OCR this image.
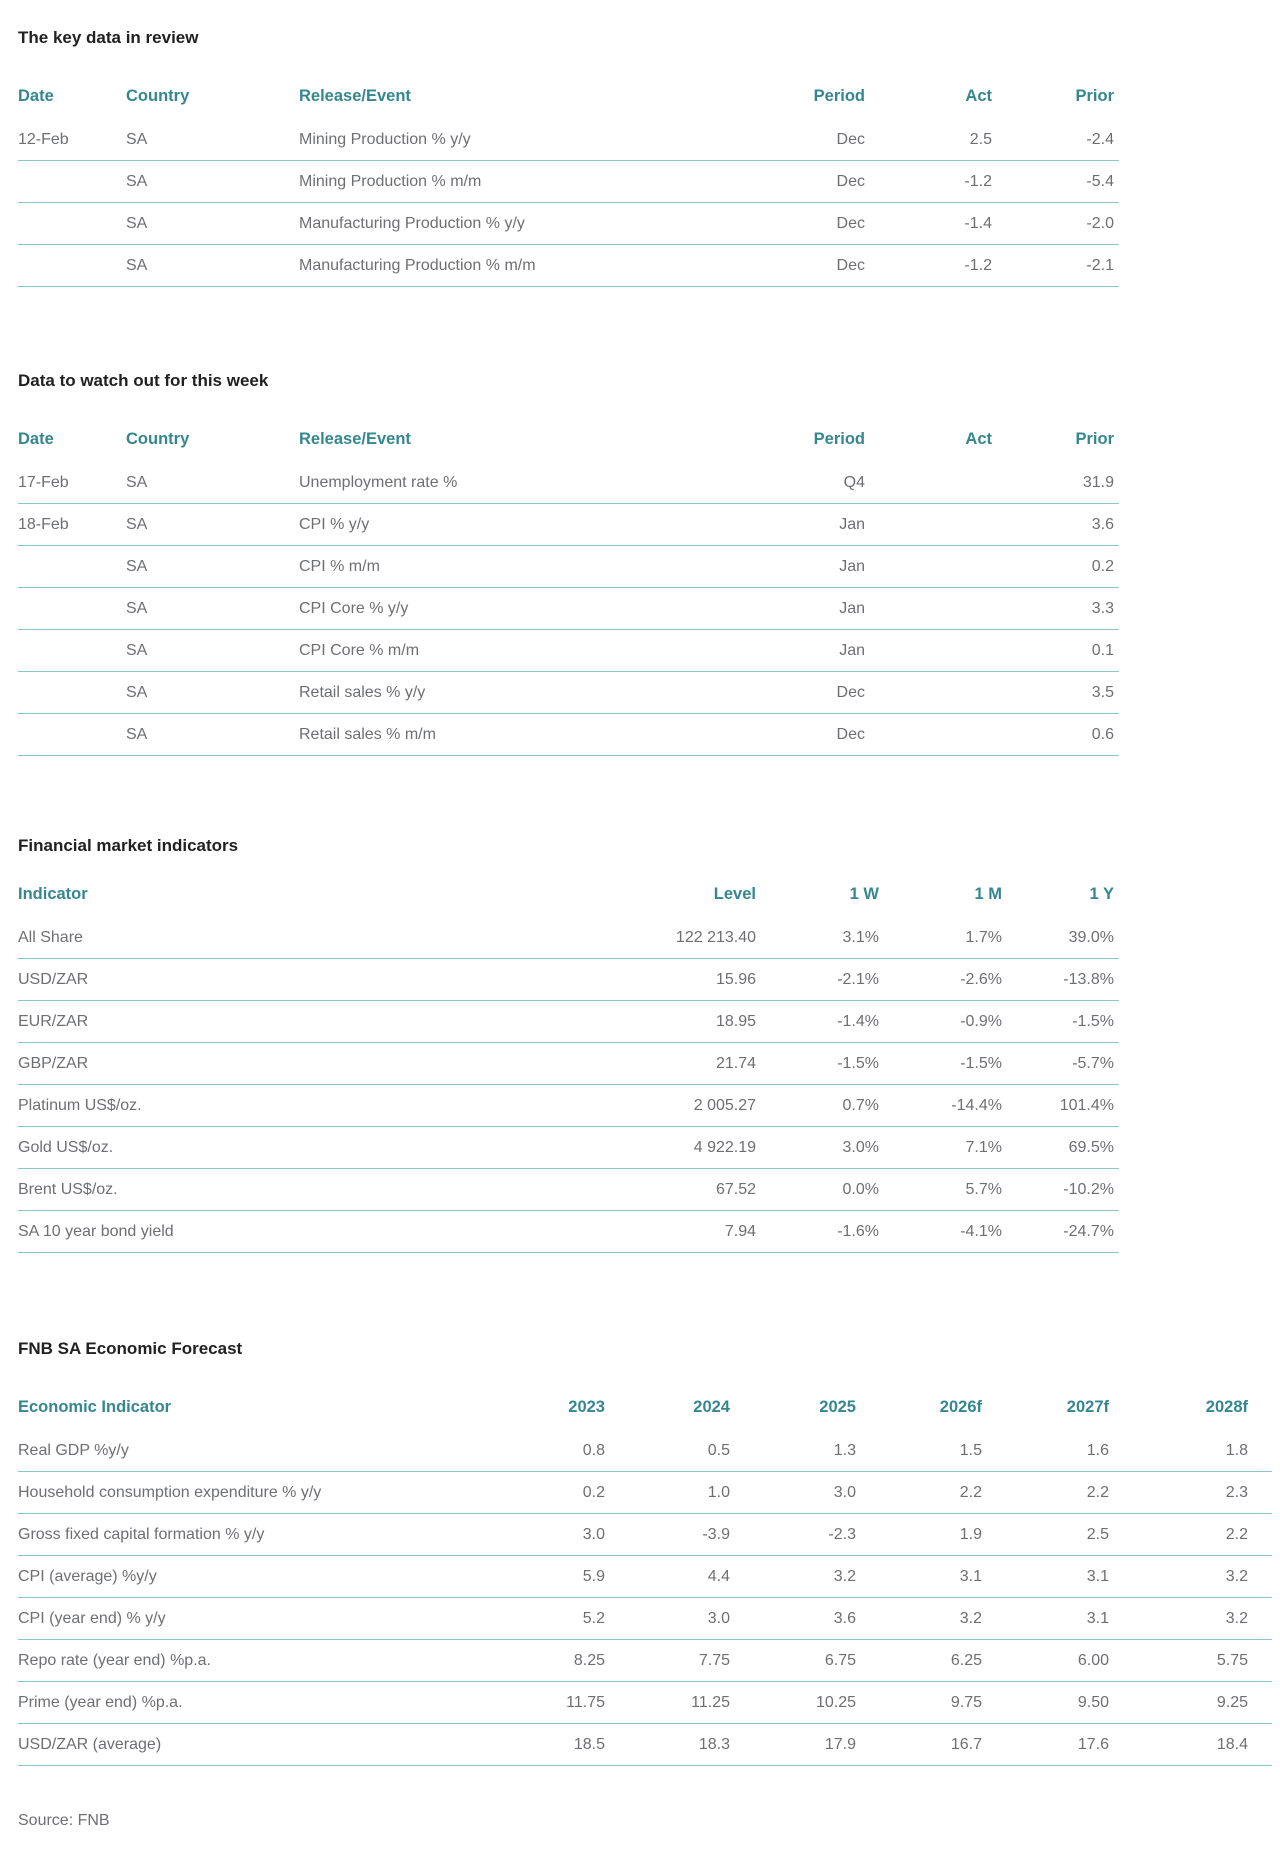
The key data in review
Date	Country	Release/Event	Period	Act	Prior
12-Feb	SA	Mining Production % y/y	Dec	2.5	-2.4
	SA	Mining Production % m/m	Dec	-1.2	-5.4
	SA	Manufacturing Production % y/y	Dec	-1.4	-2.0
	SA	Manufacturing Production % m/m	Dec	-1.2	-2.1
Data to watch out for this week
Date	Country	Release/Event	Period	Act	Prior
17-Feb	SA	Unemployment rate %	Q4		31.9
18-Feb	SA	CPI % y/y	Jan		3.6
	SA	CPI % m/m	Jan		0.2
	SA	CPI Core % y/y	Jan		3.3
	SA	CPI Core % m/m	Jan		0.1
	SA	Retail sales % y/y	Dec		3.5
	SA	Retail sales % m/m	Dec		0.6
Financial market indicators
Indicator	Level	1 W	1 M	1 Y
All Share	122 213.40	3.1%	1.7%	39.0%
USD/ZAR	15.96	-2.1%	-2.6%	-13.8%
EUR/ZAR	18.95	-1.4%	-0.9%	-1.5%
GBP/ZAR	21.74	-1.5%	-1.5%	-5.7%
Platinum US$/oz.	2 005.27	0.7%	-14.4%	101.4%
Gold US$/oz.	4 922.19	3.0%	7.1%	69.5%
Brent US$/oz.	67.52	0.0%	5.7%	-10.2%
SA 10 year bond yield	7.94	-1.6%	-4.1%	-24.7%
FNB SA Economic Forecast
Economic Indicator	2023	2024	2025	2026f	2027f	2028f
Real GDP %y/y	0.8	0.5	1.3	1.5	1.6	1.8
Household consumption expenditure % y/y	0.2	1.0	3.0	2.2	2.2	2.3
Gross fixed capital formation % y/y	3.0	-3.9	-2.3	1.9	2.5	2.2
CPI (average) %y/y	5.9	4.4	3.2	3.1	3.1	3.2
CPI (year end) % y/y	5.2	3.0	3.6	3.2	3.1	3.2
Repo rate (year end) %p.a.	8.25	7.75	6.75	6.25	6.00	5.75
Prime (year end) %p.a.	11.75	11.25	10.25	9.75	9.50	9.25
USD/ZAR (average)	18.5	18.3	17.9	16.7	17.6	18.4
Source: FNB
